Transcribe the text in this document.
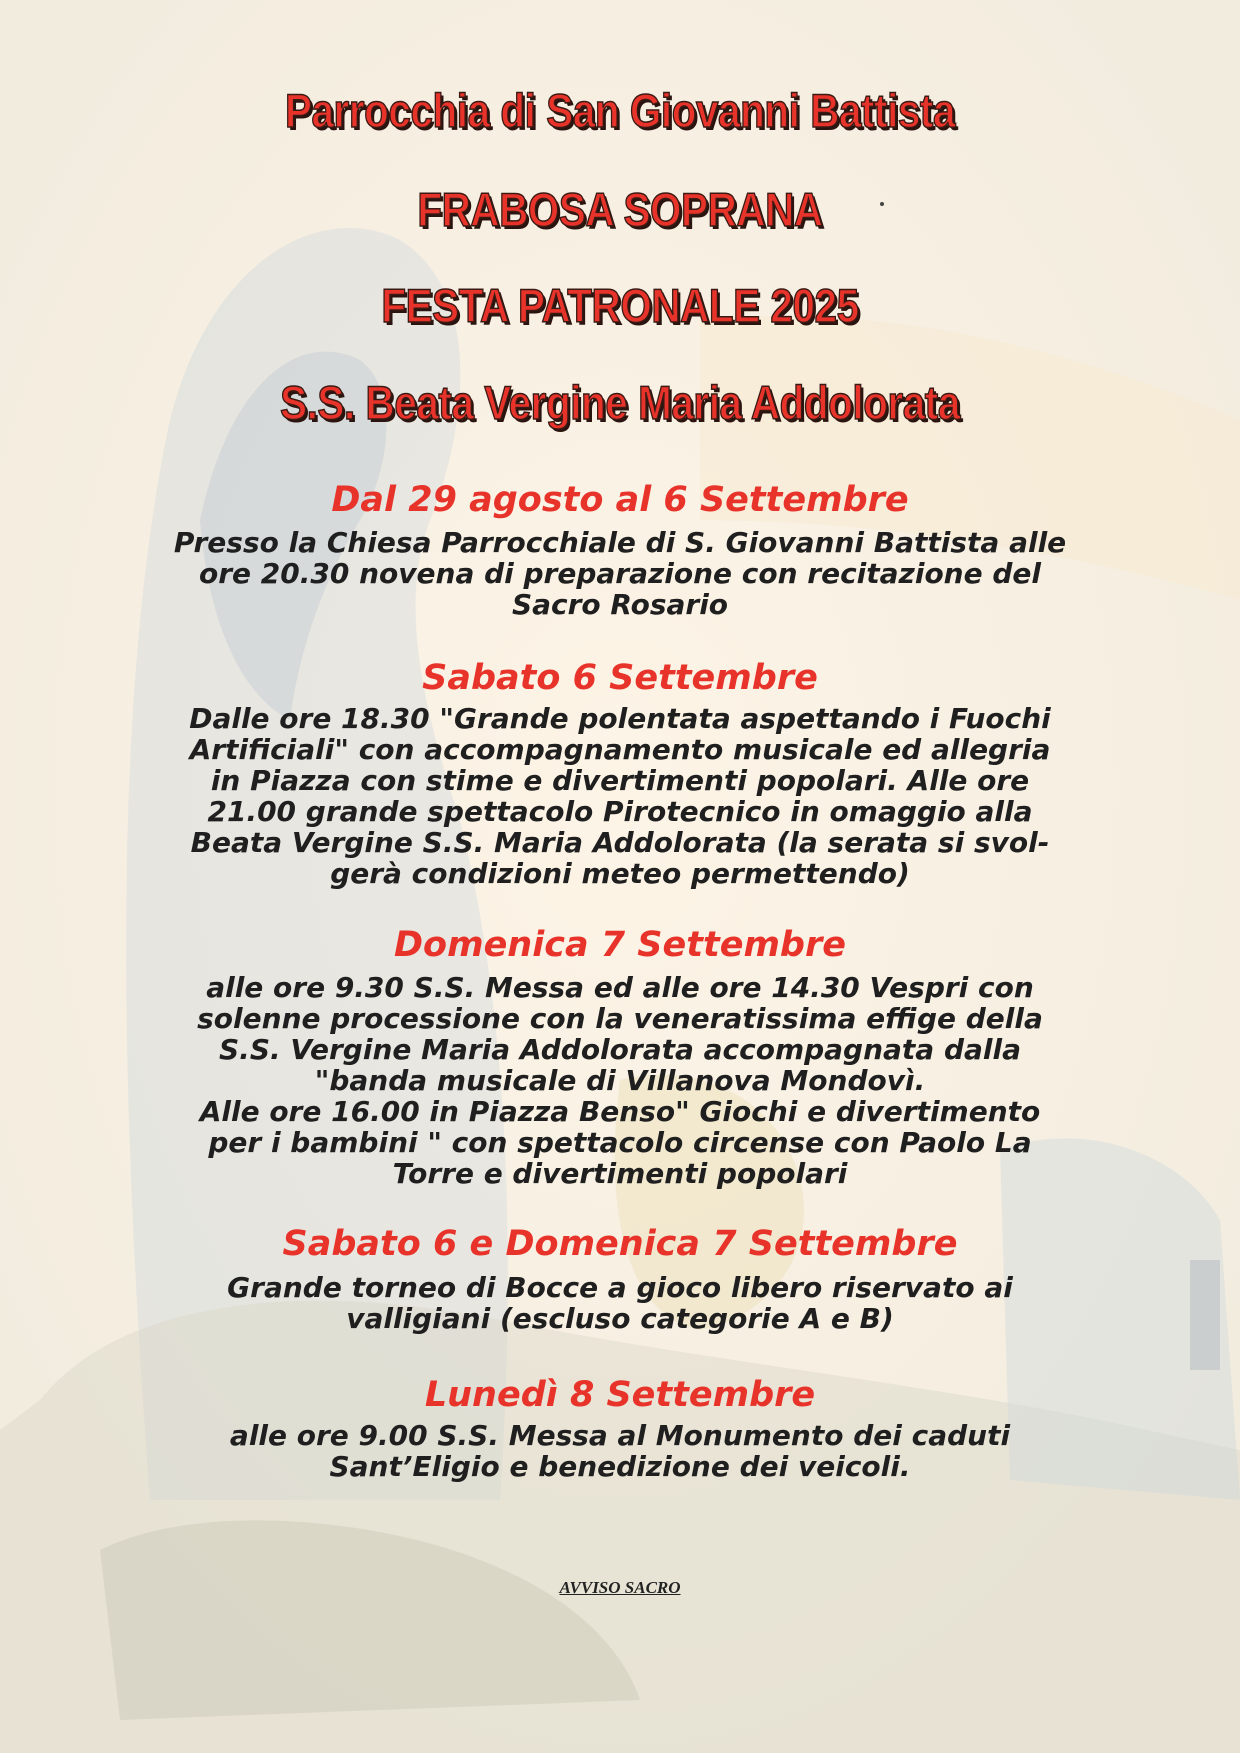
Parrocchia di San Giovanni Battista
FRABOSA SOPRANA
FESTA PATRONALE 2025
S.S. Beata Vergine Maria Addolorata
Dal 29 agosto al 6 Settembre
Presso la Chiesa Parrocchiale di S. Giovanni Battista alle
ore 20.30 novena di preparazione con recitazione del
Sacro Rosario
Sabato 6 Settembre
Dalle ore 18.30 "Grande polentata aspettando i Fuochi
Artificiali" con accompagnamento musicale ed allegria
in Piazza con stime e divertimenti popolari. Alle ore
21.00 grande spettacolo Pirotecnico in omaggio alla
Beata Vergine S.S. Maria Addolorata (la serata si svol-
gerà condizioni meteo permettendo)
Domenica 7 Settembre
alle ore 9.30 S.S. Messa ed alle ore 14.30 Vespri con
solenne processione con la veneratissima effige della
S.S. Vergine Maria Addolorata accompagnata dalla
"banda musicale di Villanova Mondovì.
Alle ore 16.00 in Piazza Benso" Giochi e divertimento
per i bambini " con spettacolo circense con Paolo La
Torre e divertimenti popolari
Sabato 6 e Domenica 7 Settembre
Grande torneo di Bocce a gioco libero riservato ai
valligiani (escluso categorie A e B)
Lunedì 8 Settembre
alle ore 9.00 S.S. Messa al Monumento dei caduti
Sant’Eligio e benedizione dei veicoli.
AVVISO SACRO
